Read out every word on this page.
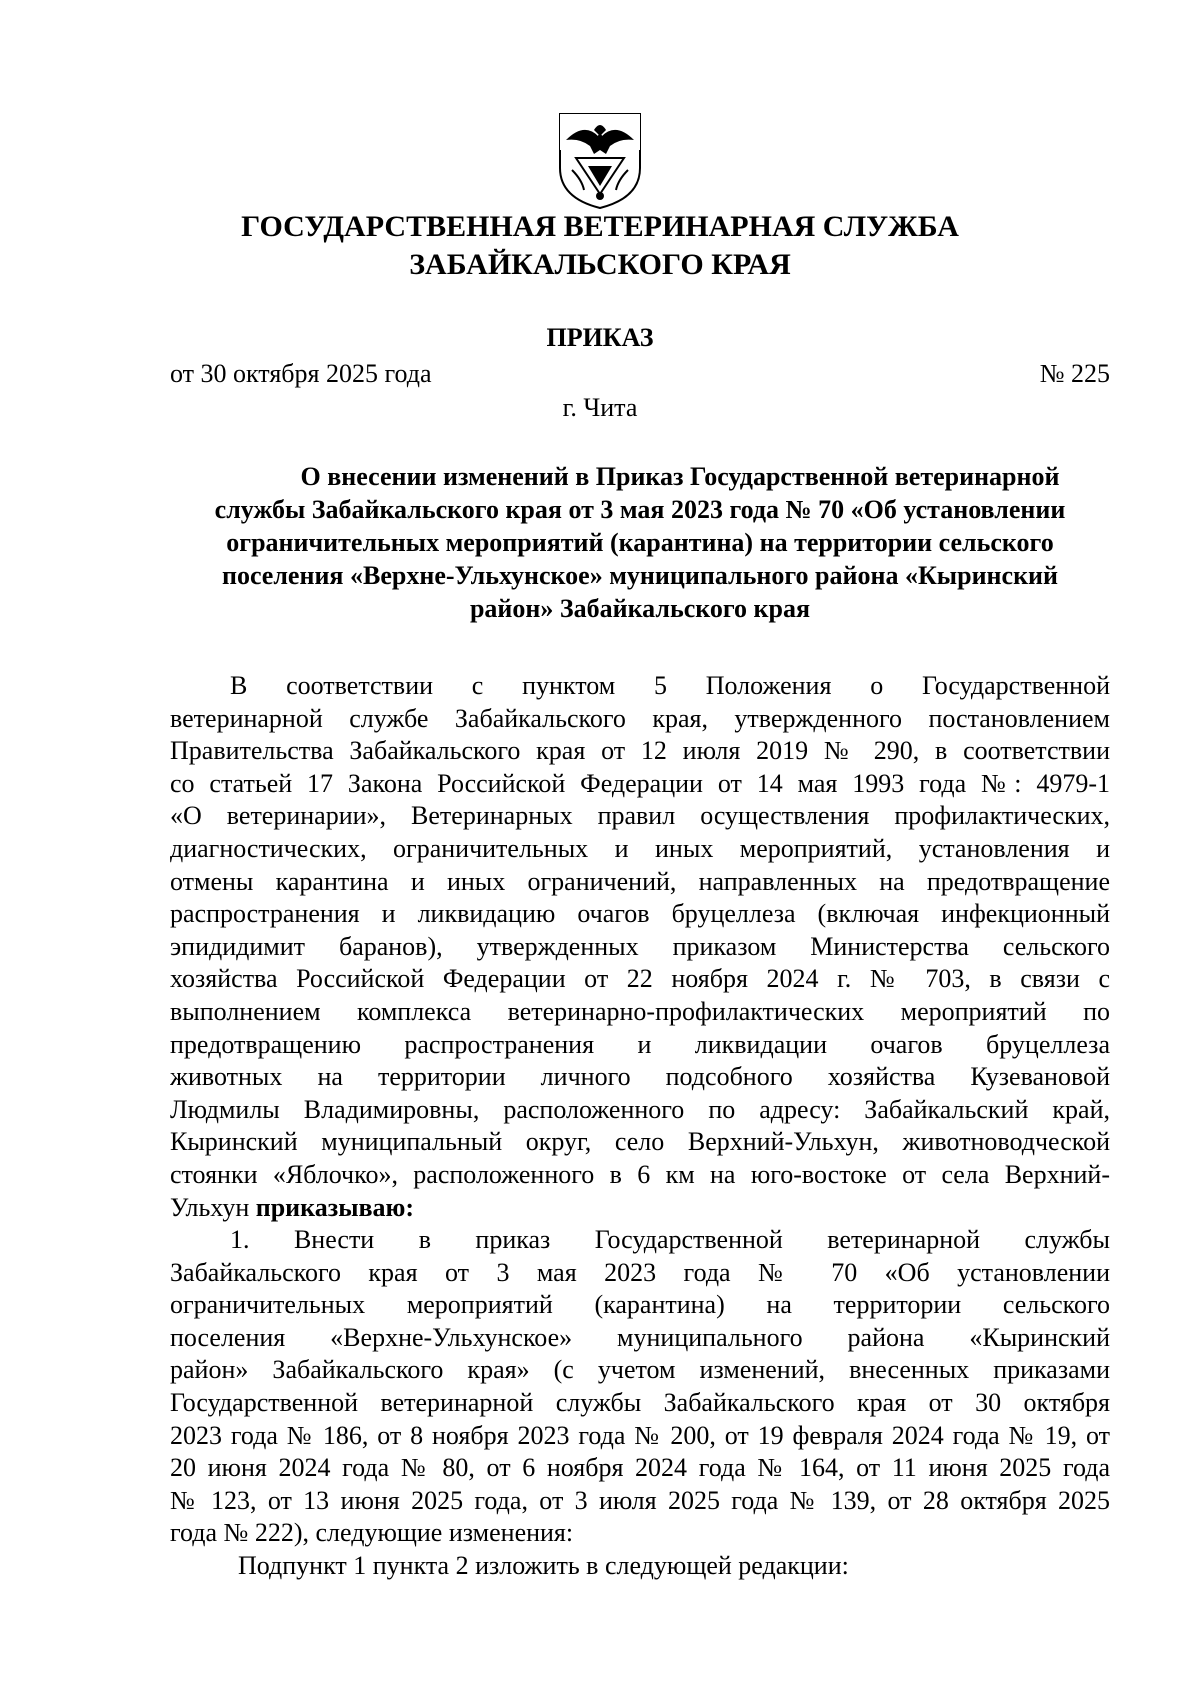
ГОСУДАРСТВЕННАЯ ВЕТЕРИНАРНАЯ СЛУЖБА
ЗАБАЙКАЛЬСКОГО КРАЯ
ПРИКАЗ
от 30 октября 2025 года	№ 225
г. Чита
О внесении изменений в Приказ Государственной ветеринарной
службы Забайкальского края от 3 мая 2023 года № 70 «Об установлении
ограничительных мероприятий (карантина) на территории сельского
поселения «Верхне-Ульхунское» муниципального района «Кыринский
район» Забайкальского края

В соответствии с пунктом 5 Положения о Государственной

ветеринарной службе Забайкальского края, утвержденного постановлением

Правительства Забайкальского края от 12 июля 2019 № 290, в соответствии

со статьей 17 Закона Российской Федерации от 14 мая 1993 года №: 4979-1

«О ветеринарии», Ветеринарных правил осуществления профилактических,

диагностических, ограничительных и иных мероприятий, установления и

отмены карантина и иных ограничений, направленных на предотвращение

распространения и ликвидацию очагов бруцеллеза (включая инфекционный

эпидидимит баранов), утвержденных приказом Министерства сельского

хозяйства Российской Федерации от 22 ноября 2024 г. № 703, в связи с

выполнением комплекса ветеринарно-профилактических мероприятий по

предотвращению распространения и ликвидации очагов бруцеллеза

животных на территории личного подсобного хозяйства Кузевановой

Людмилы Владимировны, расположенного по адресу: Забайкальский край,

Кыринский муниципальный округ, село Верхний-Ульхун, животноводческой

стоянки «Яблочко», расположенного в 6 км на юго-востоке от села Верхний-

Ульхун приказываю:

1. Внести в приказ Государственной ветеринарной службы

Забайкальского края от 3 мая 2023 года № 70 «Об установлении

ограничительных мероприятий (карантина) на территории сельского

поселения «Верхне-Ульхунское» муниципального района «Кыринский

район» Забайкальского края» (с учетом изменений, внесенных приказами

Государственной ветеринарной службы Забайкальского края от 30 октября

2023 года № 186, от 8 ноября 2023 года № 200, от 19 февраля 2024 года № 19, от

20 июня 2024 года № 80, от 6 ноября 2024 года № 164, от 11 июня 2025 года

№ 123, от 13 июня 2025 года, от 3 июля 2025 года № 139, от 28 октября 2025

года № 222), следующие изменения:

Подпункт 1 пункта 2 изложить в следующей редакции:
